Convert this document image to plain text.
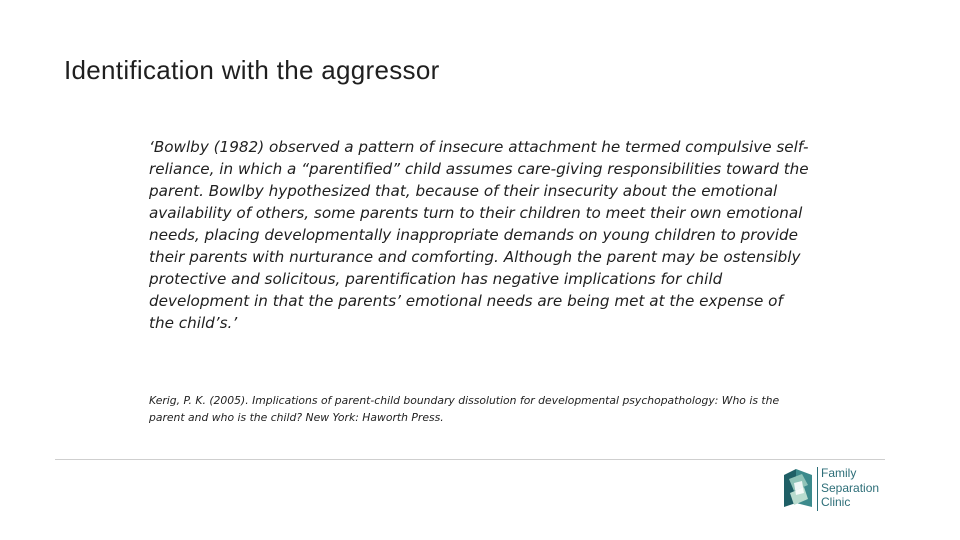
Identification with the aggressor

‘Bowlby (1982) observed a pattern of insecure attachment he termed compulsive self-reliance, in which a “parentified” child assumes care-giving responsibilities toward the parent. Bowlby hypothesized that, because of their insecurity about the emotional availability of others, some parents turn to their children to meet their own emotional needs, placing developmentally inappropriate demands on young children to provide their parents with nurturance and comforting. Although the parent may be ostensibly protective and solicitous, parentification has negative implications for child development in that the parents’ emotional needs are being met at the expense of the child’s.’

Kerig, P. K. (2005). Implications of parent-child boundary dissolution for developmental psychopathology: Who is the parent and who is the child? New York: Haworth Press.

Family
Separation
Clinic
